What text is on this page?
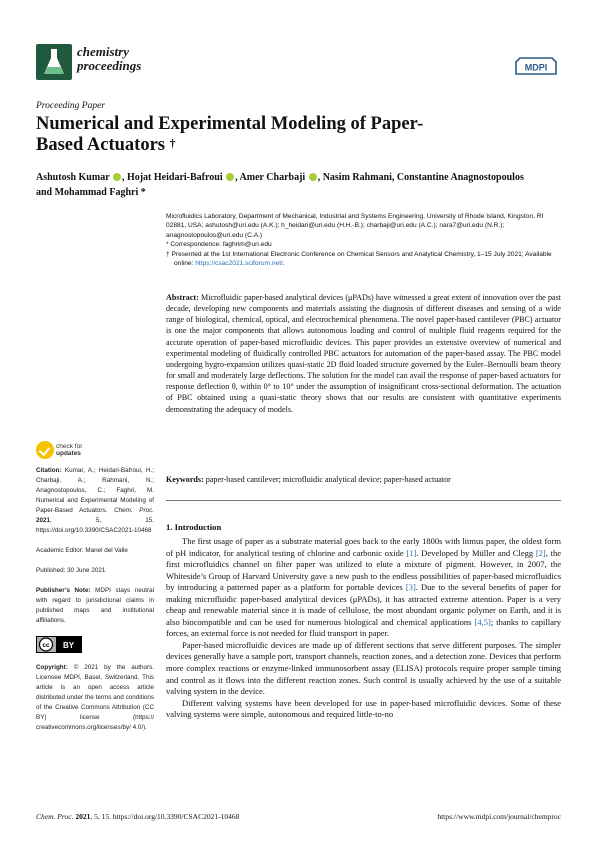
chemistry
proceedings	MDPI
Proceeding Paper
Numerical and Experimental Modeling of Paper-Based Actuators †
Ashutosh Kumar , Hojat Heidari-Bafroui , Amer Charbaji , Nasim Rahmani, Constantine Anagnostopoulos
and Mohammad Faghri *

Microfluidics Laboratory, Department of Mechanical, Industrial and Systems Engineering, University of Rhode Island, Kingston, RI 02881, USA; ashutosh@uri.edu (A.K.); h_heidari@uri.edu (H.H.-B.); charbaji@uri.edu (A.C.); nara7@uri.edu (N.R.); anagnostopoulos@uri.edu (C.A.)

* Correspondence: faghrim@uri.edu

† Presented at the 1st International Electronic Conference on Chemical Sensors and Analytical Chemistry, 1–15 July 2021; Available online: https://csac2021.sciforum.net/.

Abstract: Microfluidic paper-based analytical devices (μPADs) have witnessed a great extent of innovation over the past decade, developing new components and materials assisting the diagnosis of different diseases and sensing of a wide range of biological, chemical, optical, and electrochemical phenomena. The novel paper-based cantilever (PBC) actuator is one the major components that allows autonomous loading and control of multiple fluid reagents required for the accurate operation of paper-based microfluidic devices. This paper provides an extensive overview of numerical and experimental modeling of fluidically controlled PBC actuators for automation of the paper-based assay. The PBC model undergoing hygro-expansion utilizes quasi-static 2D fluid loaded structure governed by the Euler–Bernoulli beam theory for small and moderately large deflections. The solution for the model can avail the response of paper-based actuators for response deflection θ, within 0° to 10° under the assumption of insignificant cross-sectional deformation. The actuation of PBC obtained using a quasi-static theory shows that our results are consistent with quantitative experiments demonstrating the adequacy of models.
Keywords: paper-based cantilever; microfluidic analytical device; paper-based actuator
1. Introduction

The first usage of paper as a substrate material goes back to the early 1800s with litmus paper, the oldest form of pH indicator, for analytical testing of chlorine and carbonic oxide [1]. Developed by Müller and Clegg [2], the first microfluidics channel on filter paper was utilized to elute a mixture of pigment. However, in 2007, the Whiteside’s Group of Harvard University gave a new push to the endless possibilities of paper-based microfluidics by introducing a patterned paper as a platform for portable devices [3]. Due to the several benefits of paper for making microfluidic paper-based analytical devices (μPADs), it has attracted extreme attention. Paper is a very cheap and renewable material since it is made of cellulose, the most abundant organic polymer on Earth, and it is also biocompatible and can be used for numerous biological and chemical applications [4,5]; thanks to capillary forces, an external force is not needed for fluid transport in paper.

Paper-based microfluidic devices are made up of different sections that serve different purposes. The simpler devices generally have a sample port, transport channels, reaction zones, and a detection zone. Devices that perform more complex reactions or enzyme-linked immunosorbent assay (ELISA) protocols require proper sample timing and control as it flows into the different reaction zones. Such control is usually achieved by the use of a suitable valving system in the device.

Different valving systems have been developed for use in paper-based microfluidic devices. Some of these valving systems were simple, autonomous and required little-to-no

check for
updates
Citation: Kumar, A.; Heidari-Bafroui, H.; Charbaji, A.; Rahmani, N.; Anagnostopoulos, C.; Faghri, M. Numerical and Experimental Modeling of Paper-Based Actuators. Chem. Proc. 2021, 5, 15. https://doi.org/10.3390/CSAC2021-10468
Academic Editor: Manel del Valle
Published: 30 June 2021
Publisher’s Note: MDPI stays neutral with regard to jurisdictional claims in published maps and institutional affiliations.
cc BY
Copyright: © 2021 by the authors. Licensee MDPI, Basel, Switzerland. This article is an open access article distributed under the terms and conditions of the Creative Commons Attribution (CC BY) license (https:// creativecommons.org/licenses/by/ 4.0/).
Chem. Proc. 2021, 5, 15. https://doi.org/10.3390/CSAC2021-10468	https://www.mdpi.com/journal/chemproc
